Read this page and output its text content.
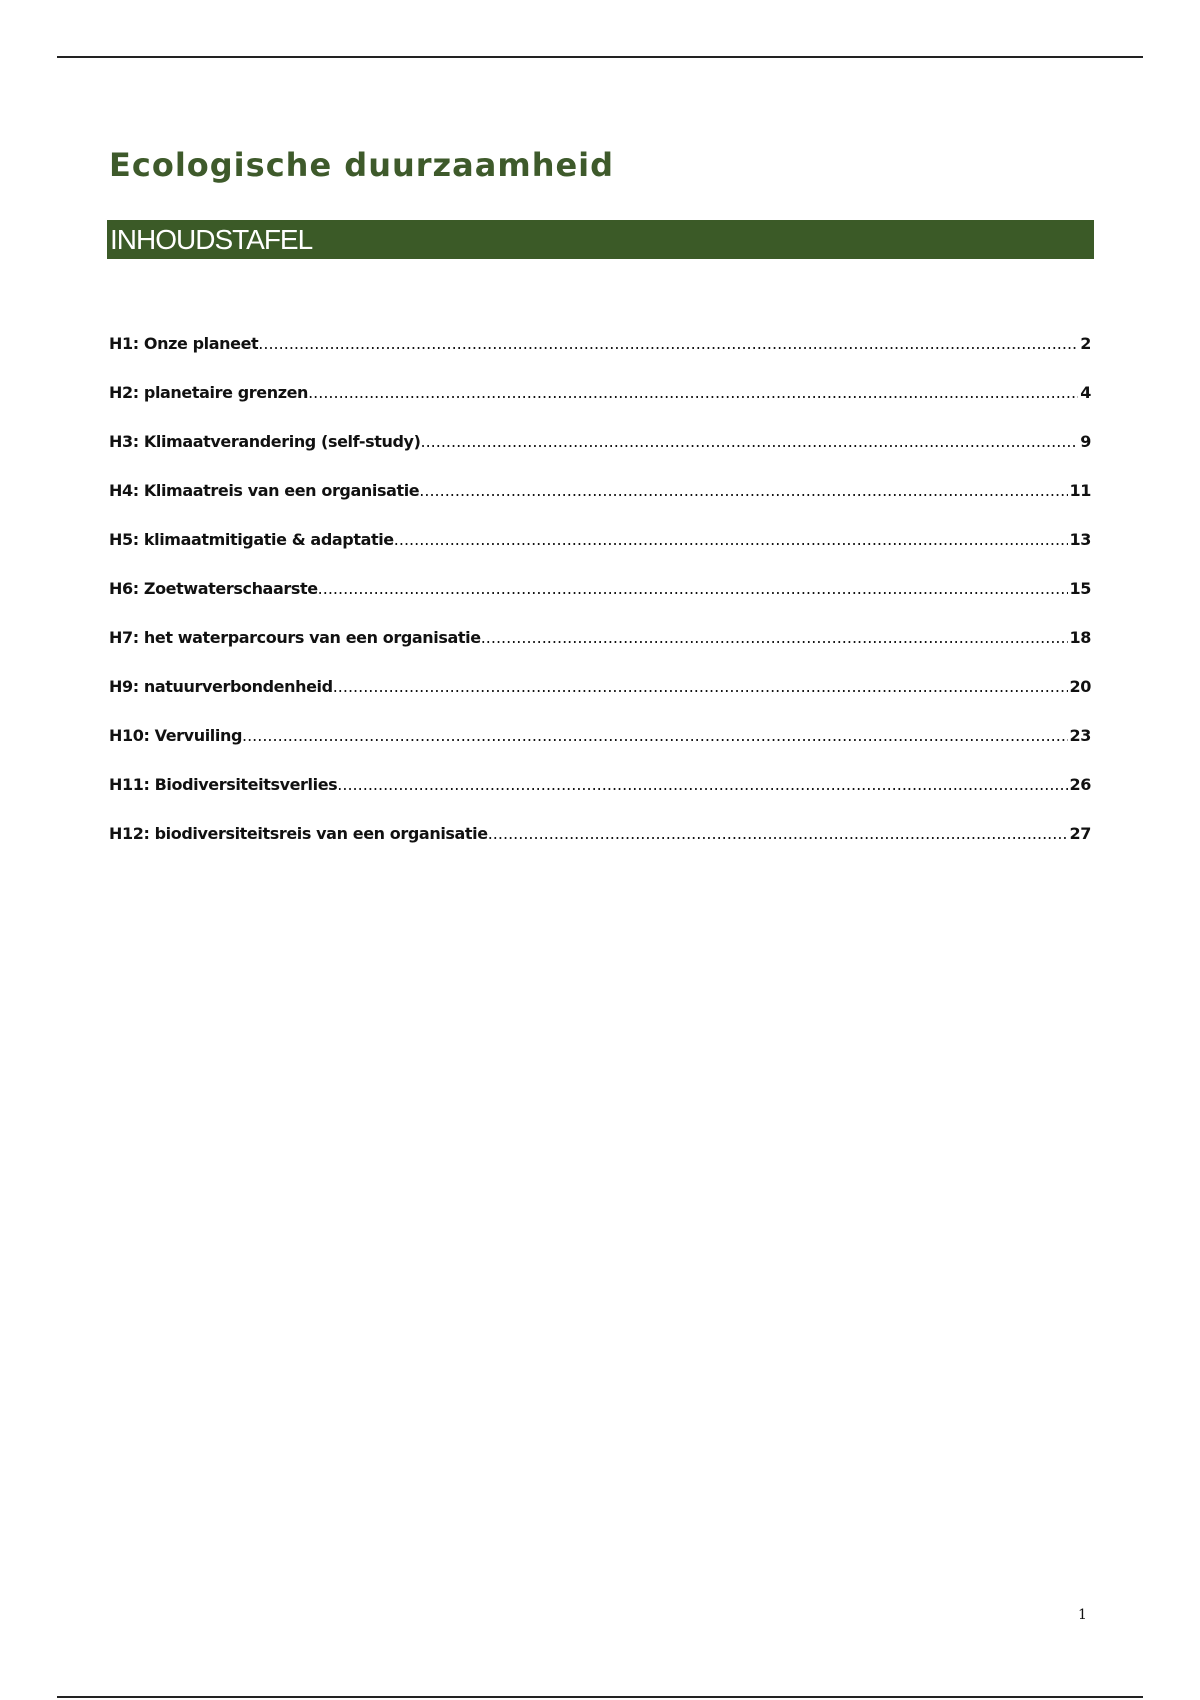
Ecologische duurzaamheid
INHOUDSTAFEL
H1: Onze planeet .....	2
H2: planetaire grenzen .....	4
H3: Klimaatverandering (self-study) .....	9
H4: Klimaatreis van een organisatie .....	11
H5: klimaatmitigatie & adaptatie .....	13
H6: Zoetwaterschaarste .....	15
H7: het waterparcours van een organisatie .....	18
H9: natuurverbondenheid .....	20
H10: Vervuiling .....	23
H11: Biodiversiteitsverlies .....	26
H12: biodiversiteitsreis van een organisatie .....	27
1
